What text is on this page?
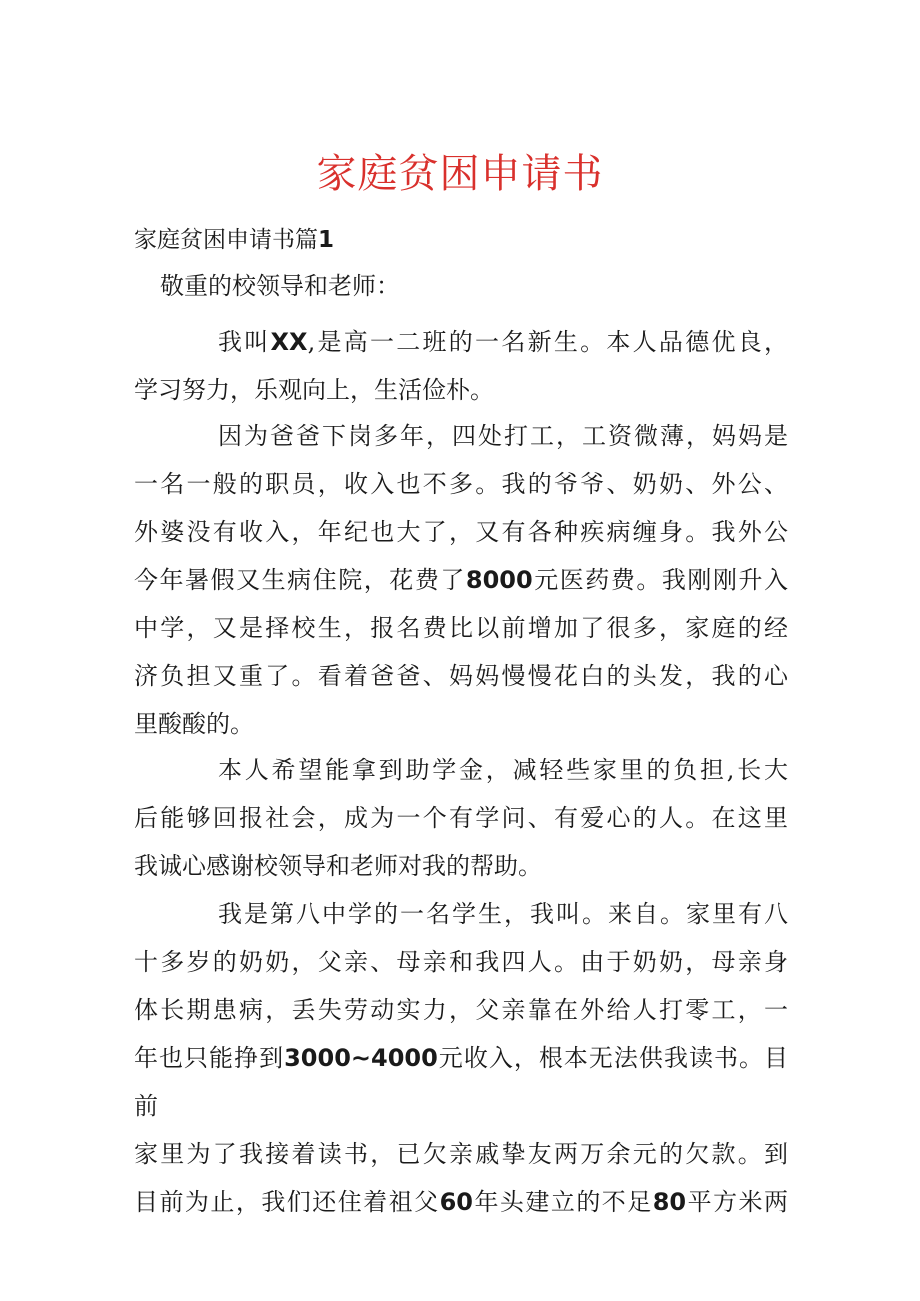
家庭贫困申请书
家庭贫困申请书篇1

敬重的校领导和老师：

我叫XX,是高一二班的一名新生。本人品德优良，
学习努力，乐观向上，生活俭朴。
因为爸爸下岗多年，四处打工，工资微薄，妈妈是
一名一般的职员，收入也不多。我的爷爷、奶奶、外公、
外婆没有收入，年纪也大了，又有各种疾病缠身。我外公
今年暑假又生病住院，花费了8000元医药费。我刚刚升入
中学，又是择校生，报名费比以前增加了很多，家庭的经
济负担又重了。看着爸爸、妈妈慢慢花白的头发，我的心
里酸酸的。
本人希望能拿到助学金，减轻些家里的负担,长大
后能够回报社会，成为一个有学问、有爱心的人。在这里
我诚心感谢校领导和老师对我的帮助。
我是第八中学的一名学生，我叫。来自。家里有八
十多岁的奶奶，父亲、母亲和我四人。由于奶奶，母亲身
体长期患病，丢失劳动实力，父亲靠在外给人打零工，一
年也只能挣到3000~4000元收入，根本无法供我读书。目前
家里为了我接着读书，已欠亲戚挚友两万余元的欠款。到
目前为止，我们还住着祖父60年头建立的不足80平方米两
